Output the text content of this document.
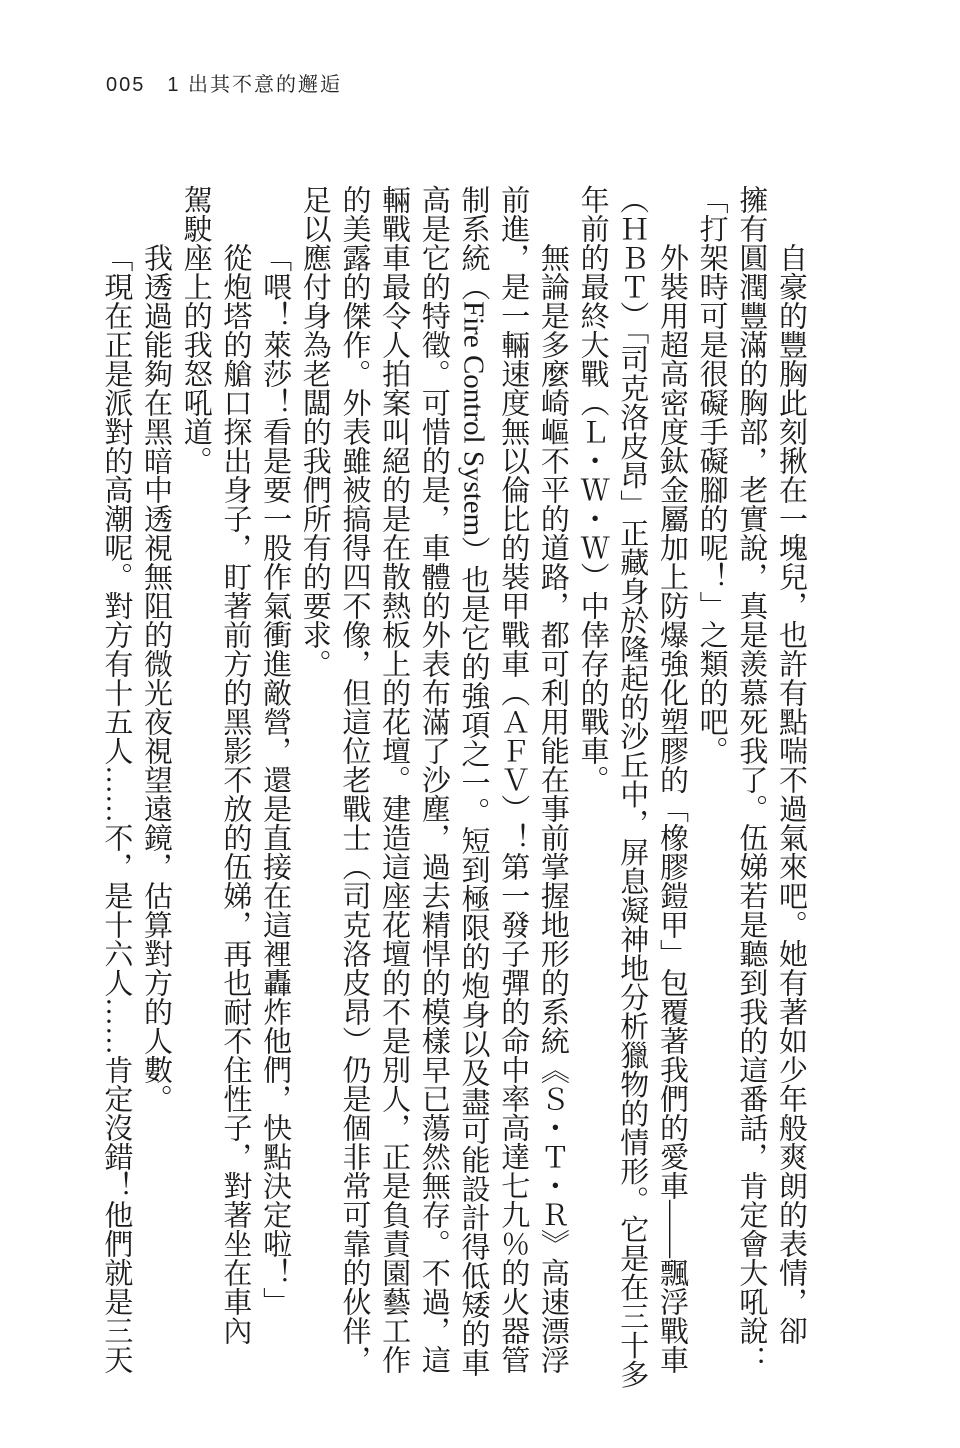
005 1 出其不意的邂逅
自豪的豐胸此刻揪在一塊兒，也許有點喘不過氣來吧。她有著如少年般爽朗的表情，卻
擁有圓潤豐滿的胸部，老實說，真是羨慕死我了。伍娣若是聽到我的這番話，肯定會大吼說：
「打架時可是很礙手礙腳的呢！」之類的吧。
外裝用超高密度鈦金屬加上防爆強化塑膠的「橡膠鎧甲」包覆著我們的愛車——飄浮戰車
（ＨＢＴ）「司克洛皮昂」正藏身於隆起的沙丘中，屏息凝神地分析獵物的情形。它是在三十多
年前的最終大戰（Ｌ・Ｗ・Ｗ）中倖存的戰車。
無論是多麼崎嶇不平的道路，都可利用能在事前掌握地形的系統《Ｓ・Ｔ・Ｒ》高速漂浮
前進，是一輛速度無以倫比的裝甲戰車（ＡＦＶ）！第一發子彈的命中率高達七九％的火器管
制系統（Fire Control System）也是它的強項之一。短到極限的炮身以及盡可能設計得低矮的車
高是它的特徵。可惜的是，車體的外表布滿了沙塵，過去精悍的模樣早已蕩然無存。不過，這
輛戰車最令人拍案叫絕的是在散熱板上的花壇。建造這座花壇的不是別人，正是負責園藝工作
的美露的傑作。外表雖被搞得四不像，但這位老戰士（司克洛皮昂）仍是個非常可靠的伙伴，
足以應付身為老闆的我們所有的要求。
「喂！萊莎！看是要一股作氣衝進敵營，還是直接在這裡轟炸他們，快點決定啦！」
從炮塔的艙口探出身子，盯著前方的黑影不放的伍娣，再也耐不住性子，對著坐在車內
駕駛座上的我怒吼道。
我透過能夠在黑暗中透視無阻的微光夜視望遠鏡，估算對方的人數。
「現在正是派對的高潮呢。對方有十五人……不，是十六人……肯定沒錯！他們就是三天
